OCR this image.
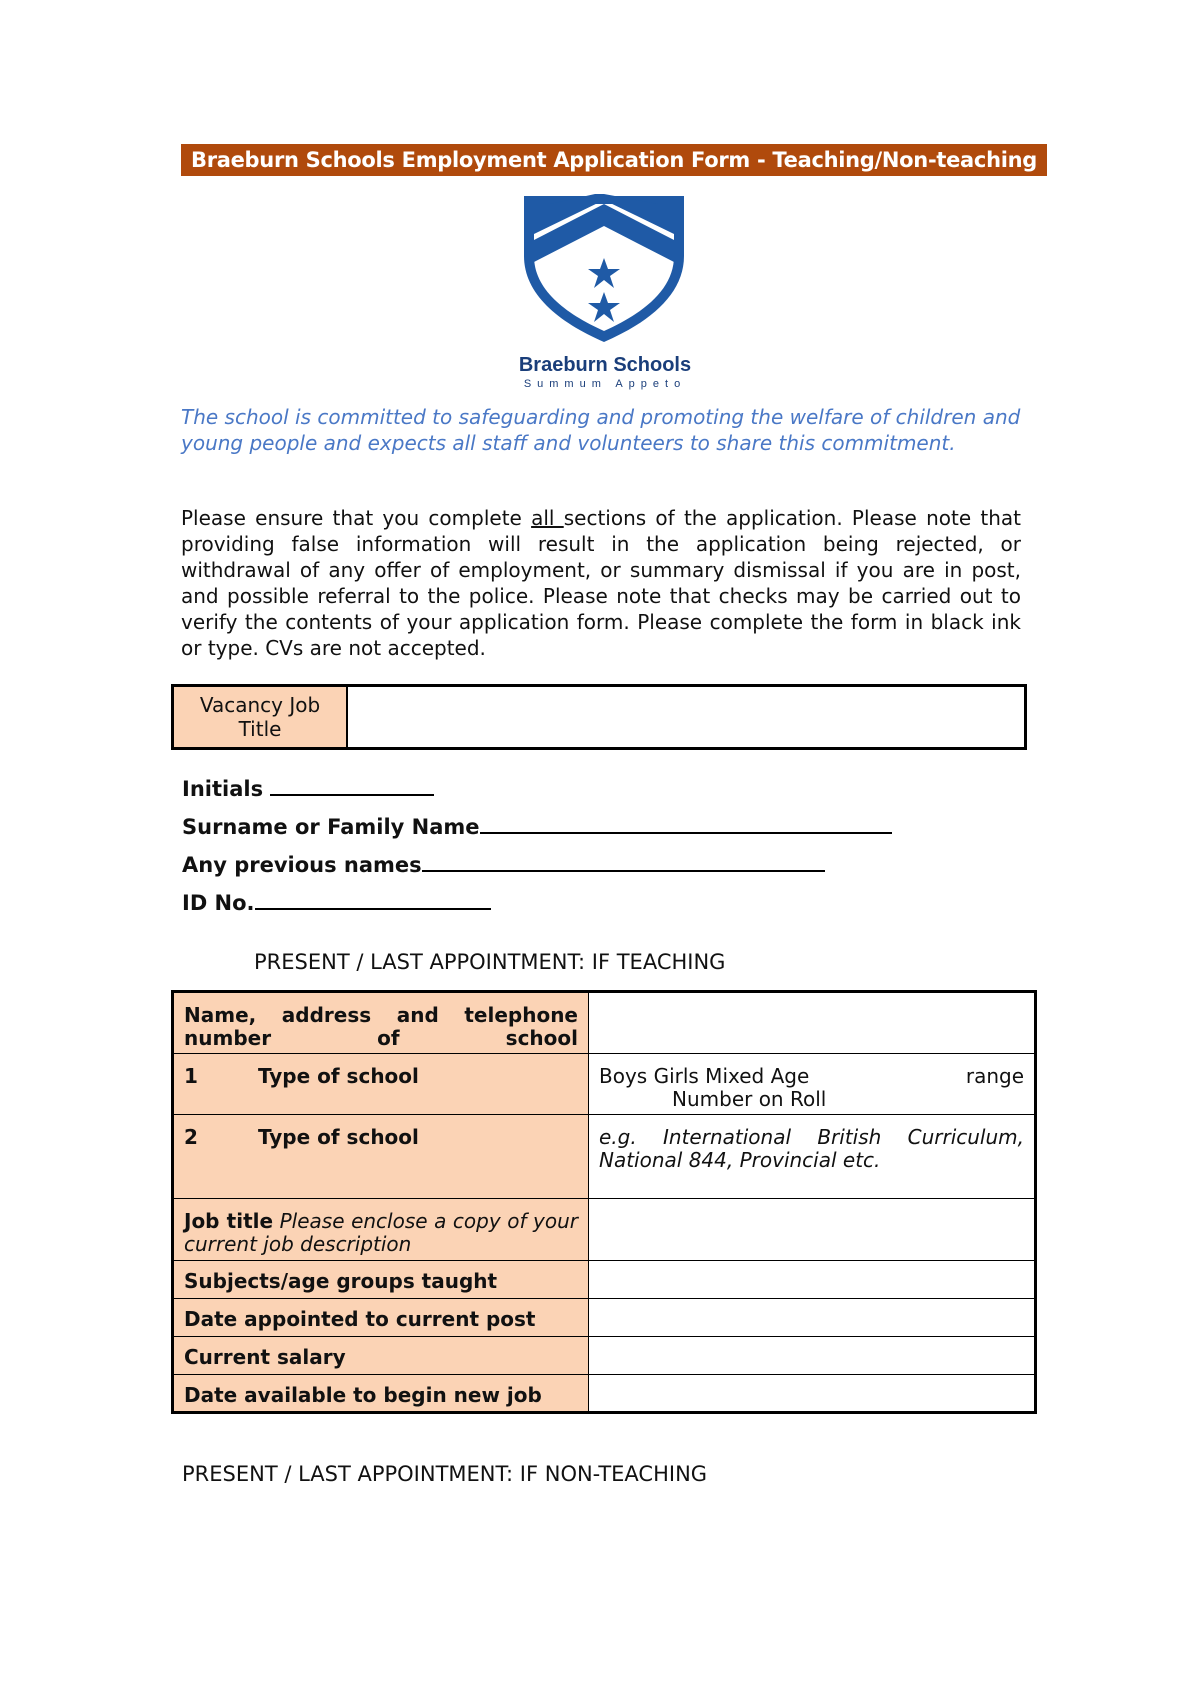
Braeburn Schools Employment Application Form - Teaching/Non-teaching
Braeburn Schools
Summum Appeto
The school is committed to safeguarding and promoting the welfare of children and young people and expects all staff and volunteers to share this commitment.
Please ensure that you complete all sections of the application. Please note that providing false information will result in the application being rejected, or withdrawal of any offer of employment, or summary dismissal if you are in post, and possible referral to the police. Please note that checks may be carried out to verify the contents of your application form. Please complete the form in black ink or type. CVs are not accepted.
Vacancy Job Title
Initials
Surname or Family Name
Any previous names
ID No.
PRESENT / LAST APPOINTMENT: IF TEACHING
Name, address and telephone number of school	
1 Type of school	Boys Girls Mixed Age range
Number on Roll

2 Type of school	e.g. International British Curriculum, National 844, Provincial etc.
Job title Please enclose a copy of your current job description	
Subjects/age groups taught	
Date appointed to current post	
Current salary	
Date available to begin new job	
PRESENT / LAST APPOINTMENT: IF NON-TEACHING
